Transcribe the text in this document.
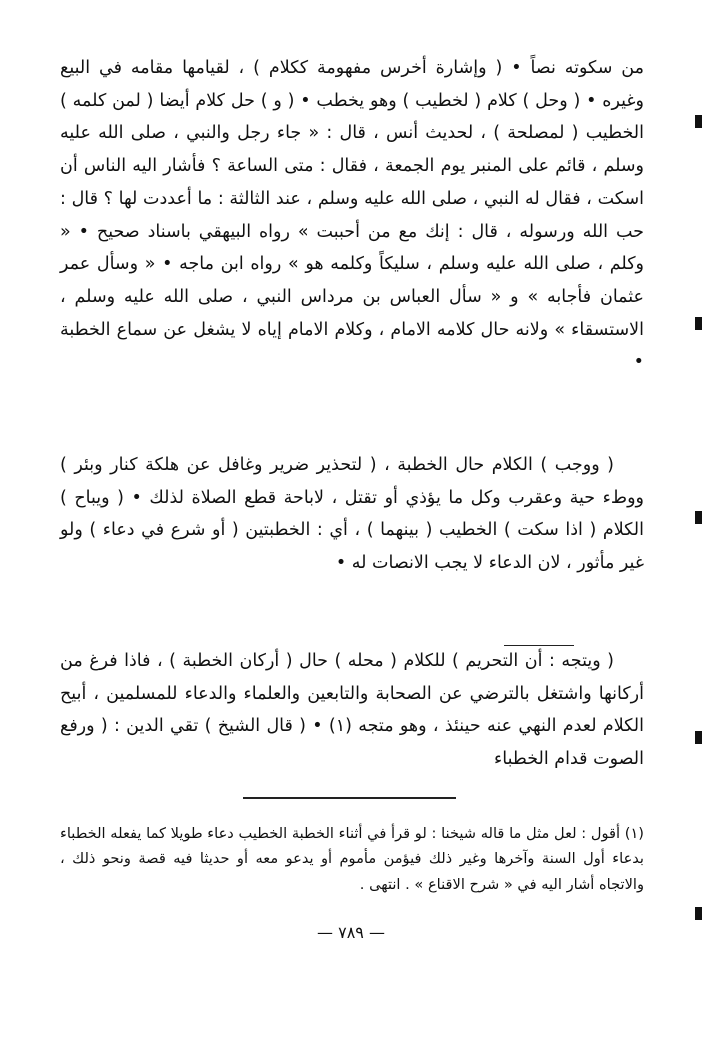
من سكوته نصاً • ( وإشارة أخرس مفهومة ككلام ) ، لقيامها مقامه في البيع وغيره • ( وحل ) كلام ( لخطيب ) وهو يخطب • ( و ) حل كلام أيضا ( لمن كلمه ) الخطيب ( لمصلحة ) ، لحديث أنس ، قال : « جاء رجل والنبي ، صلى الله عليه وسلم ، قائم على المنبر يوم الجمعة ، فقال : متى الساعة ؟ فأشار اليه الناس أن اسكت ، فقال له النبي ، صلى الله عليه وسلم ، عند الثالثة : ما أعددت لها ؟ قال : حب الله ورسوله ، قال : إنك مع من أحببت » رواه البيهقي باسناد صحيح • « وكلم ، صلى الله عليه وسلم ، سليكاً وكلمه هو » رواه ابن ماجه • « وسأل عمر عثمان فأجابه » و « سأل العباس بن مرداس النبي ، صلى الله عليه وسلم ، الاستسقاء » ولانه حال كلامه الامام ، وكلام الامام إياه لا يشغل عن سماع الخطبة •

( ووجب ) الكلام حال الخطبة ، ( لتحذير ضرير وغافل عن هلكة كنار وبئر ) ووطء حية وعقرب وكل ما يؤذي أو تقتل ، لاباحة قطع الصلاة لذلك • ( ويباح ) الكلام ( اذا سكت ) الخطيب ( بينهما ) ، أي : الخطبتين ( أو شرع في دعاء ) ولو غير مأثور ، لان الدعاء لا يجب الانصات له •

( ويتجه : أن التحريم ) للكلام ( محله ) حال ( أركان الخطبة ) ، فاذا فرغ من أركانها واشتغل بالترضي عن الصحابة والتابعين والعلماء والدعاء للمسلمين ، أبيح الكلام لعدم النهي عنه حينئذ ، وهو متجه (١) • ( قال الشيخ ) تقي الدين : ( ورفع الصوت قدام الخطباء

(١) أقول : لعل مثل ما قاله شيخنا : لو قرأ في أثناء الخطبة الخطيب دعاء طويلا كما يفعله الخطباء بدعاء أول السنة وآخرها وغير ذلك فيؤمن مأموم أو يدعو معه أو حديثا فيه قصة ونحو ذلك ، والاتجاه أشار اليه في « شرح الاقناع » . انتهى .

— ٧٨٩ —
